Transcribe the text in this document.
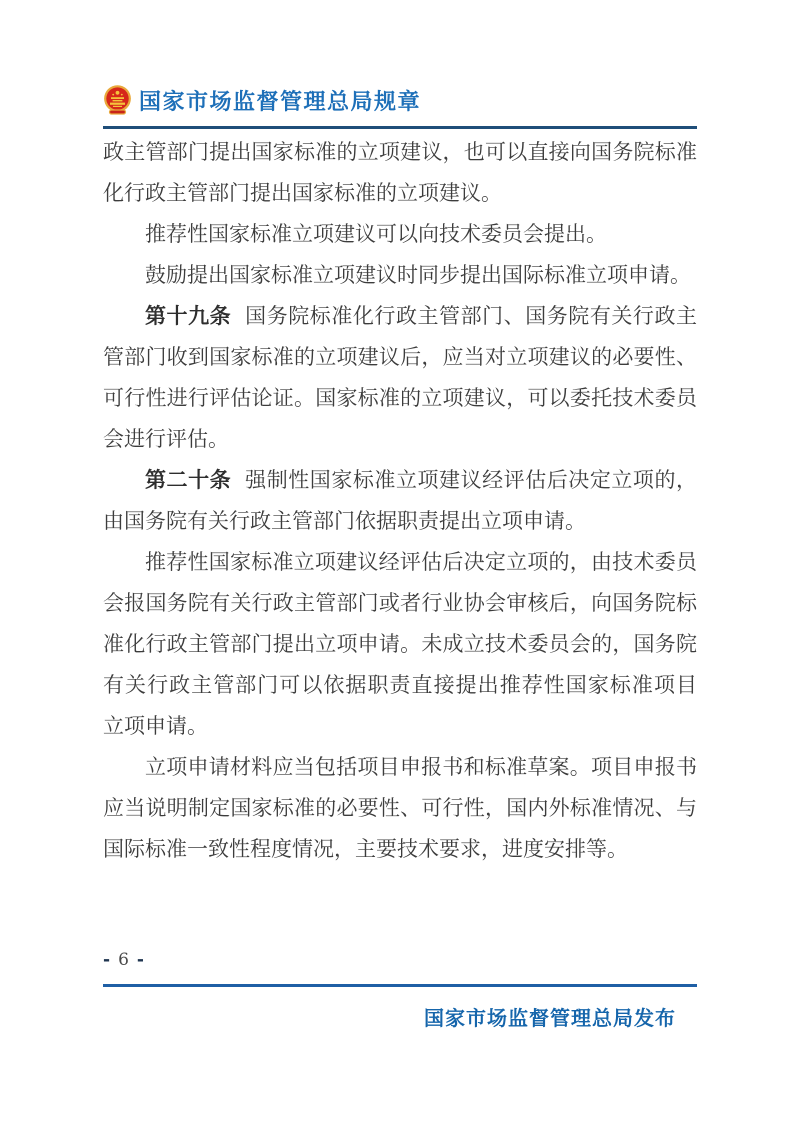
国家市场监督管理总局规章
政主管部门提出国家标准的立项建议，也可以直接向国务院标准
化行政主管部门提出国家标准的立项建议。
推荐性国家标准立项建议可以向技术委员会提出。
鼓励提出国家标准立项建议时同步提出国际标准立项申请。
第十九条 国务院标准化行政主管部门、国务院有关行政主
管部门收到国家标准的立项建议后，应当对立项建议的必要性、
可行性进行评估论证。国家标准的立项建议，可以委托技术委员
会进行评估。
第二十条 强制性国家标准立项建议经评估后决定立项的，
由国务院有关行政主管部门依据职责提出立项申请。
推荐性国家标准立项建议经评估后决定立项的，由技术委员
会报国务院有关行政主管部门或者行业协会审核后，向国务院标
准化行政主管部门提出立项申请。未成立技术委员会的，国务院
有关行政主管部门可以依据职责直接提出推荐性国家标准项目
立项申请。
立项申请材料应当包括项目申报书和标准草案。项目申报书
应当说明制定国家标准的必要性、可行性，国内外标准情况、与
国际标准一致性程度情况，主要技术要求，进度安排等。
- 6 -
国家市场监督管理总局发布
